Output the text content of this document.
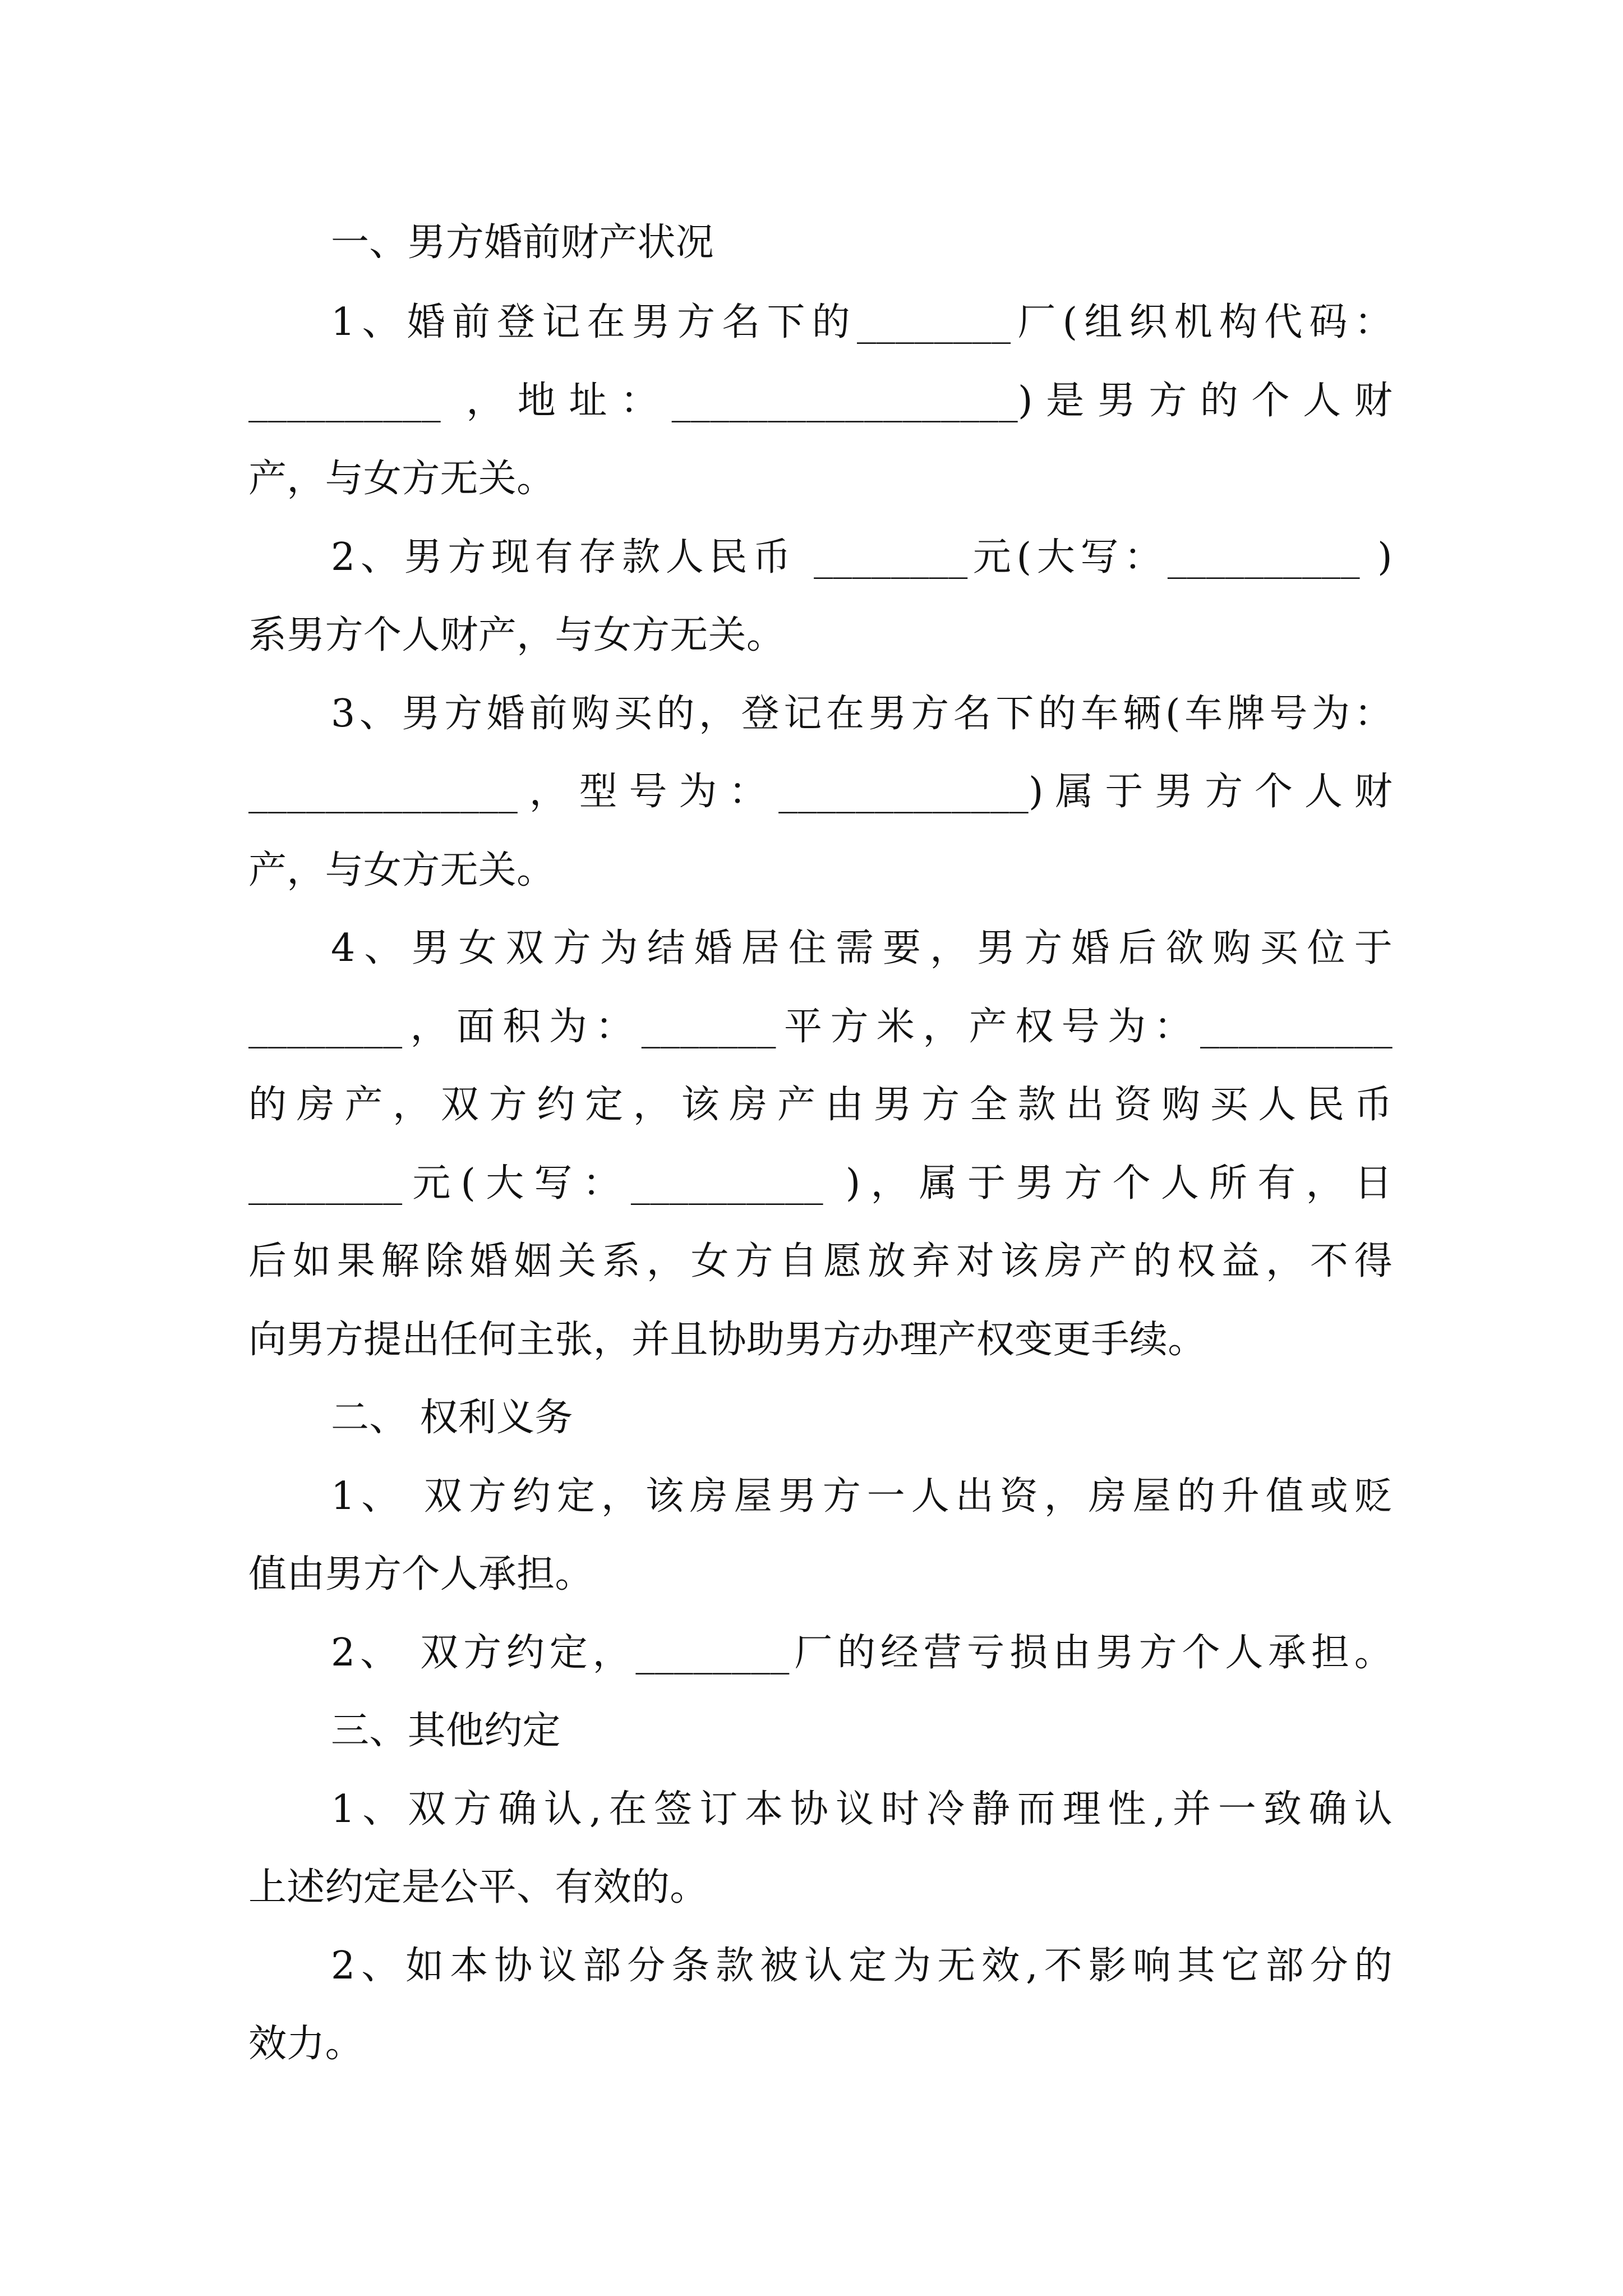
一、男方婚前财产状况
1、婚前登记在男方名下的________厂(组织机构代码：
__________ ，地址：__________________)是男方的个人财
产，与女方无关。
2、男方现有存款人民币 ________元(大写：__________ )
系男方个人财产，与女方无关。
3、男方婚前购买的，登记在男方名下的车辆(车牌号为：
______________，型号为：_____________)属于男方个人财
产，与女方无关。
4、男女双方为结婚居住需要，男方婚后欲购买位于
________，面积为：_______平方米，产权号为：__________
的房产，双方约定，该房产由男方全款出资购买人民币
________元(大写：__________ )，属于男方个人所有，日
后如果解除婚姻关系，女方自愿放弃对该房产的权益，不得
向男方提出任何主张，并且协助男方办理产权变更手续。
二、 权利义务
1、 双方约定，该房屋男方一人出资，房屋的升值或贬
值由男方个人承担。
2、 双方约定，________厂的经营亏损由男方个人承担。
三、其他约定
1、双方确认,在签订本协议时冷静而理性,并一致确认
上述约定是公平、有效的。
2、如本协议部分条款被认定为无效,不影响其它部分的
效力。
